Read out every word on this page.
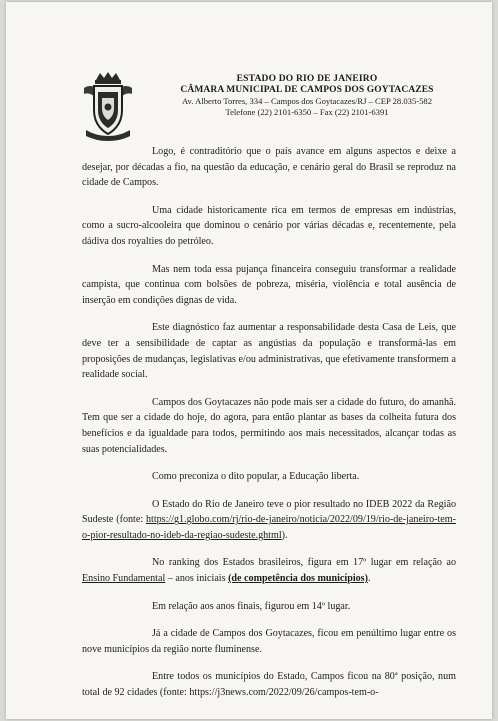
ESTADO DO RIO DE JANEIRO
CÂMARA MUNICIPAL DE CAMPOS DOS GOYTACAZES
Av. Alberto Torres, 334 – Campos dos Goytacazes/RJ – CEP 28.035-582
Telefone (22) 2101-6350 – Fax (22) 2101-6391

Logo, é contraditório que o país avance em alguns aspectos e deixe a desejar, por décadas a fio, na questão da educação, e cenário geral do Brasil se reproduz na cidade de Campos.

Uma cidade historicamente rica em termos de empresas em indústrias, como a sucro-alcooleira que dominou o cenário por várias décadas e, recentemente, pela dádiva dos royalties do petróleo.

Mas nem toda essa pujança financeira conseguiu transformar a realidade campista, que continua com bolsões de pobreza, miséria, violência e total ausência de inserção em condições dignas de vida.

Este diagnóstico faz aumentar a responsabilidade desta Casa de Leis, que deve ter a sensibilidade de captar as angústias da população e transformá-las em proposições de mudanças, legislativas e/ou administrativas, que efetivamente transformem a realidade social.

Campos dos Goytacazes não pode mais ser a cidade do futuro, do amanhã. Tem que ser a cidade do hoje, do agora, para então plantar as bases da colheita futura dos benefícios e da igualdade para todos, permitindo aos mais necessitados, alcançar todas as suas potencialidades.

Como preconiza o dito popular, a Educação liberta.

O Estado do Rio de Janeiro teve o pior resultado no IDEB 2022 da Região Sudeste (fonte: https://g1.globo.com/rj/rio-de-janeiro/noticia/2022/09/19/rio-de-janeiro-tem-o-pior-resultado-no-ideb-da-regiao-sudeste.ghtml).

No ranking dos Estados brasileiros, figura em 17º lugar em relação ao Ensino Fundamental – anos iniciais (de competência dos municípios).

Em relação aos anos finais, figurou em 14º lugar.

Já a cidade de Campos dos Goytacazes, ficou em penúltimo lugar entre os nove municípios da região norte fluminense.

Entre todos os municípios do Estado, Campos ficou na 80ª posição, num total de 92 cidades (fonte: https://j3news.com/2022/09/26/campos-tem-o-
